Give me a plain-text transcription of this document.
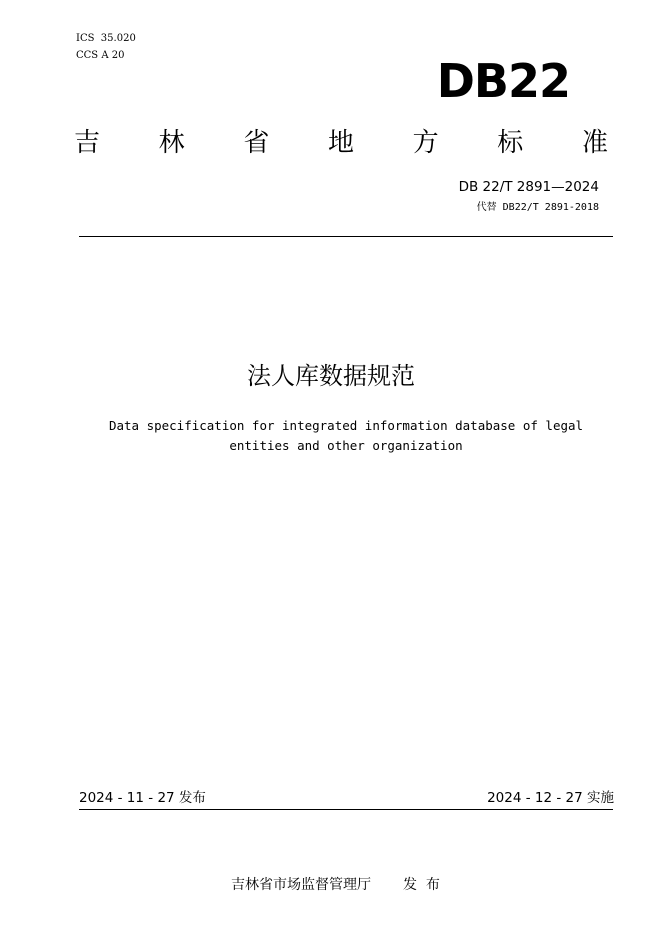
ICS  35.020
CCS A 20	DB22
吉 林 省 地 方 标 准
DB 22/T 2891—2024
代替 DB22/T 2891-2018
法人库数据规范
Data specification for integrated information database of legal
entities and other organization
2024 - 11 - 27 发布	2024 - 12 - 27 实施

吉林省市场监督管理厅 发  布
